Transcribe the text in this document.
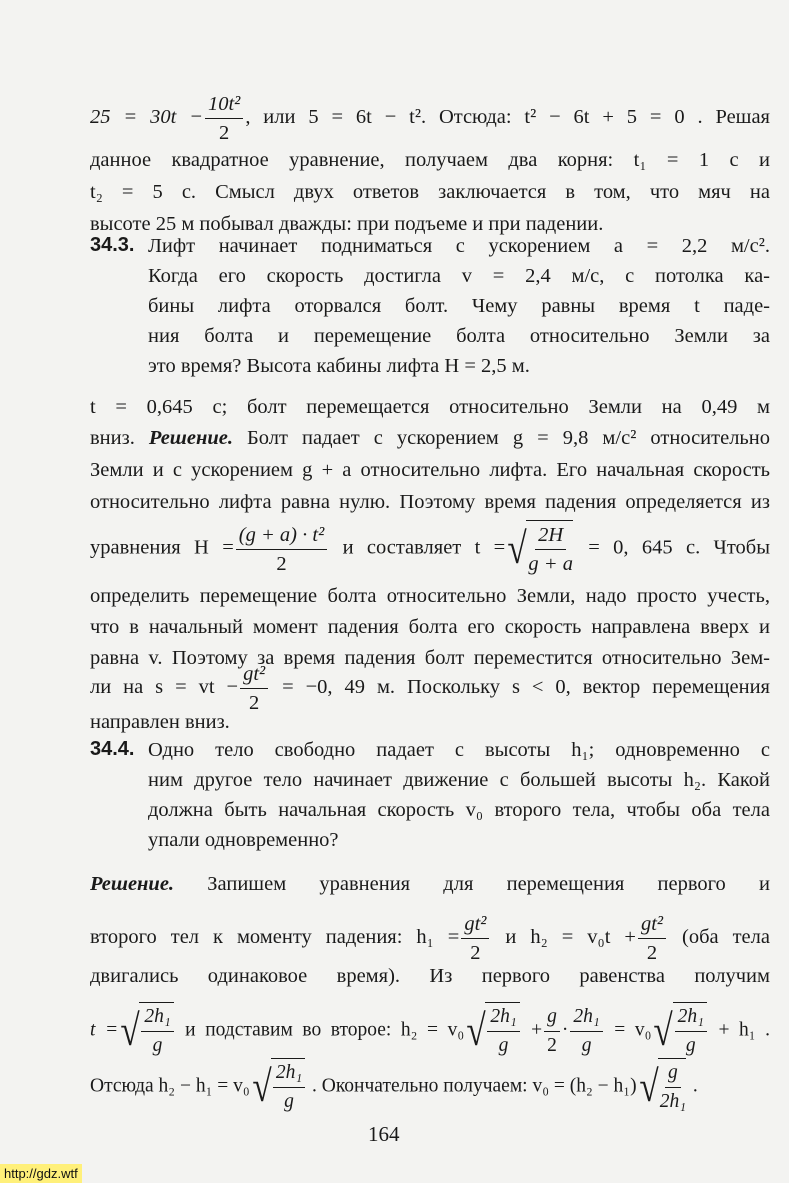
$25 = 30t - \frac{\text{10t²}}{2}$ , или 5 = 6t − t². Отсюда: t² − 6t + 5 = 0 . Решая
данное квадратное уравнение, получаем два корня: t₁ = 1 с и
t₂ = 5 с. Смысл двух ответов заключается в том, что мяч на
высоте 25 м побывал дважды: при подъеме и при падении.
34.3. Лифт начинает подниматься с ускорением a = 2,2 м/с².
Когда его скорость достигла v = 2,4 м/с, с потолка ка-
бины лифта оторвался болт. Чему равны время t паде-
ния болта и перемещение болта относительно Земли за
это время? Высота кабины лифта H = 2,5 м.
t = 0,645 с; болт перемещается относительно Земли на 0,49 м
вниз. Решение. Болт падает с ускорением g = 9,8 м/с² относительно
Земли и с ускорением g + a относительно лифта. Его начальная скорость
относительно лифта равна нулю. Поэтому время падения определяется из
уравнения $H = \frac{\text{(g + a) · t²}}{2}$ и составляет t = √ $\frac{2H}{g + a} = 0$, 645 с. Чтобы
определить перемещение болта относительно Земли, надо просто учесть,
что в начальный момент падения болта его скорость направлена вверх и
равна v. Поэтому за время падения болт переместится относительно Зем-
ли на s = vt − $\frac{\text{gt²}}{2} = -0$, 49 м. Поскольку s < 0, вектор перемещения
направлен вниз.
34.4. Одно тело свободно падает с высоты h₁; одновременно с
ним другое тело начинает движение с большей высоты h₂. Какой
должна быть начальная скорость v₀ второго тела, чтобы оба тела
упали одновременно?
Решение. Запишем уравнения для перемещения первого и
второго тел к моменту падения: $h_1 = \frac{\text{gt²}}{2}$ и $h_2 = v_0t + \frac{\text{gt²}}{2} (оба$ тела
двигались одинаковое время). Из первого равенства получим
t = √ $\frac{\text{2h₁}}{g}$ и подставим во второе: h₂ = v₀ √ $\frac{\text{2h₁}}{g} + \frac{g}{2} \cdot \frac{\text{2h₁}}{g} = v_0$ √ $\frac{\text{2h₁}}{g} + h_1$ .
Отсюда h₂ − h₁ = v₀ √ $\frac{\text{2h₁}}{g}$ . Окончательно получаем: v₀ = (h₂ − h₁) √ $\frac{g}{\text{2h₁}}$ .
164
http://gdz.wtf
